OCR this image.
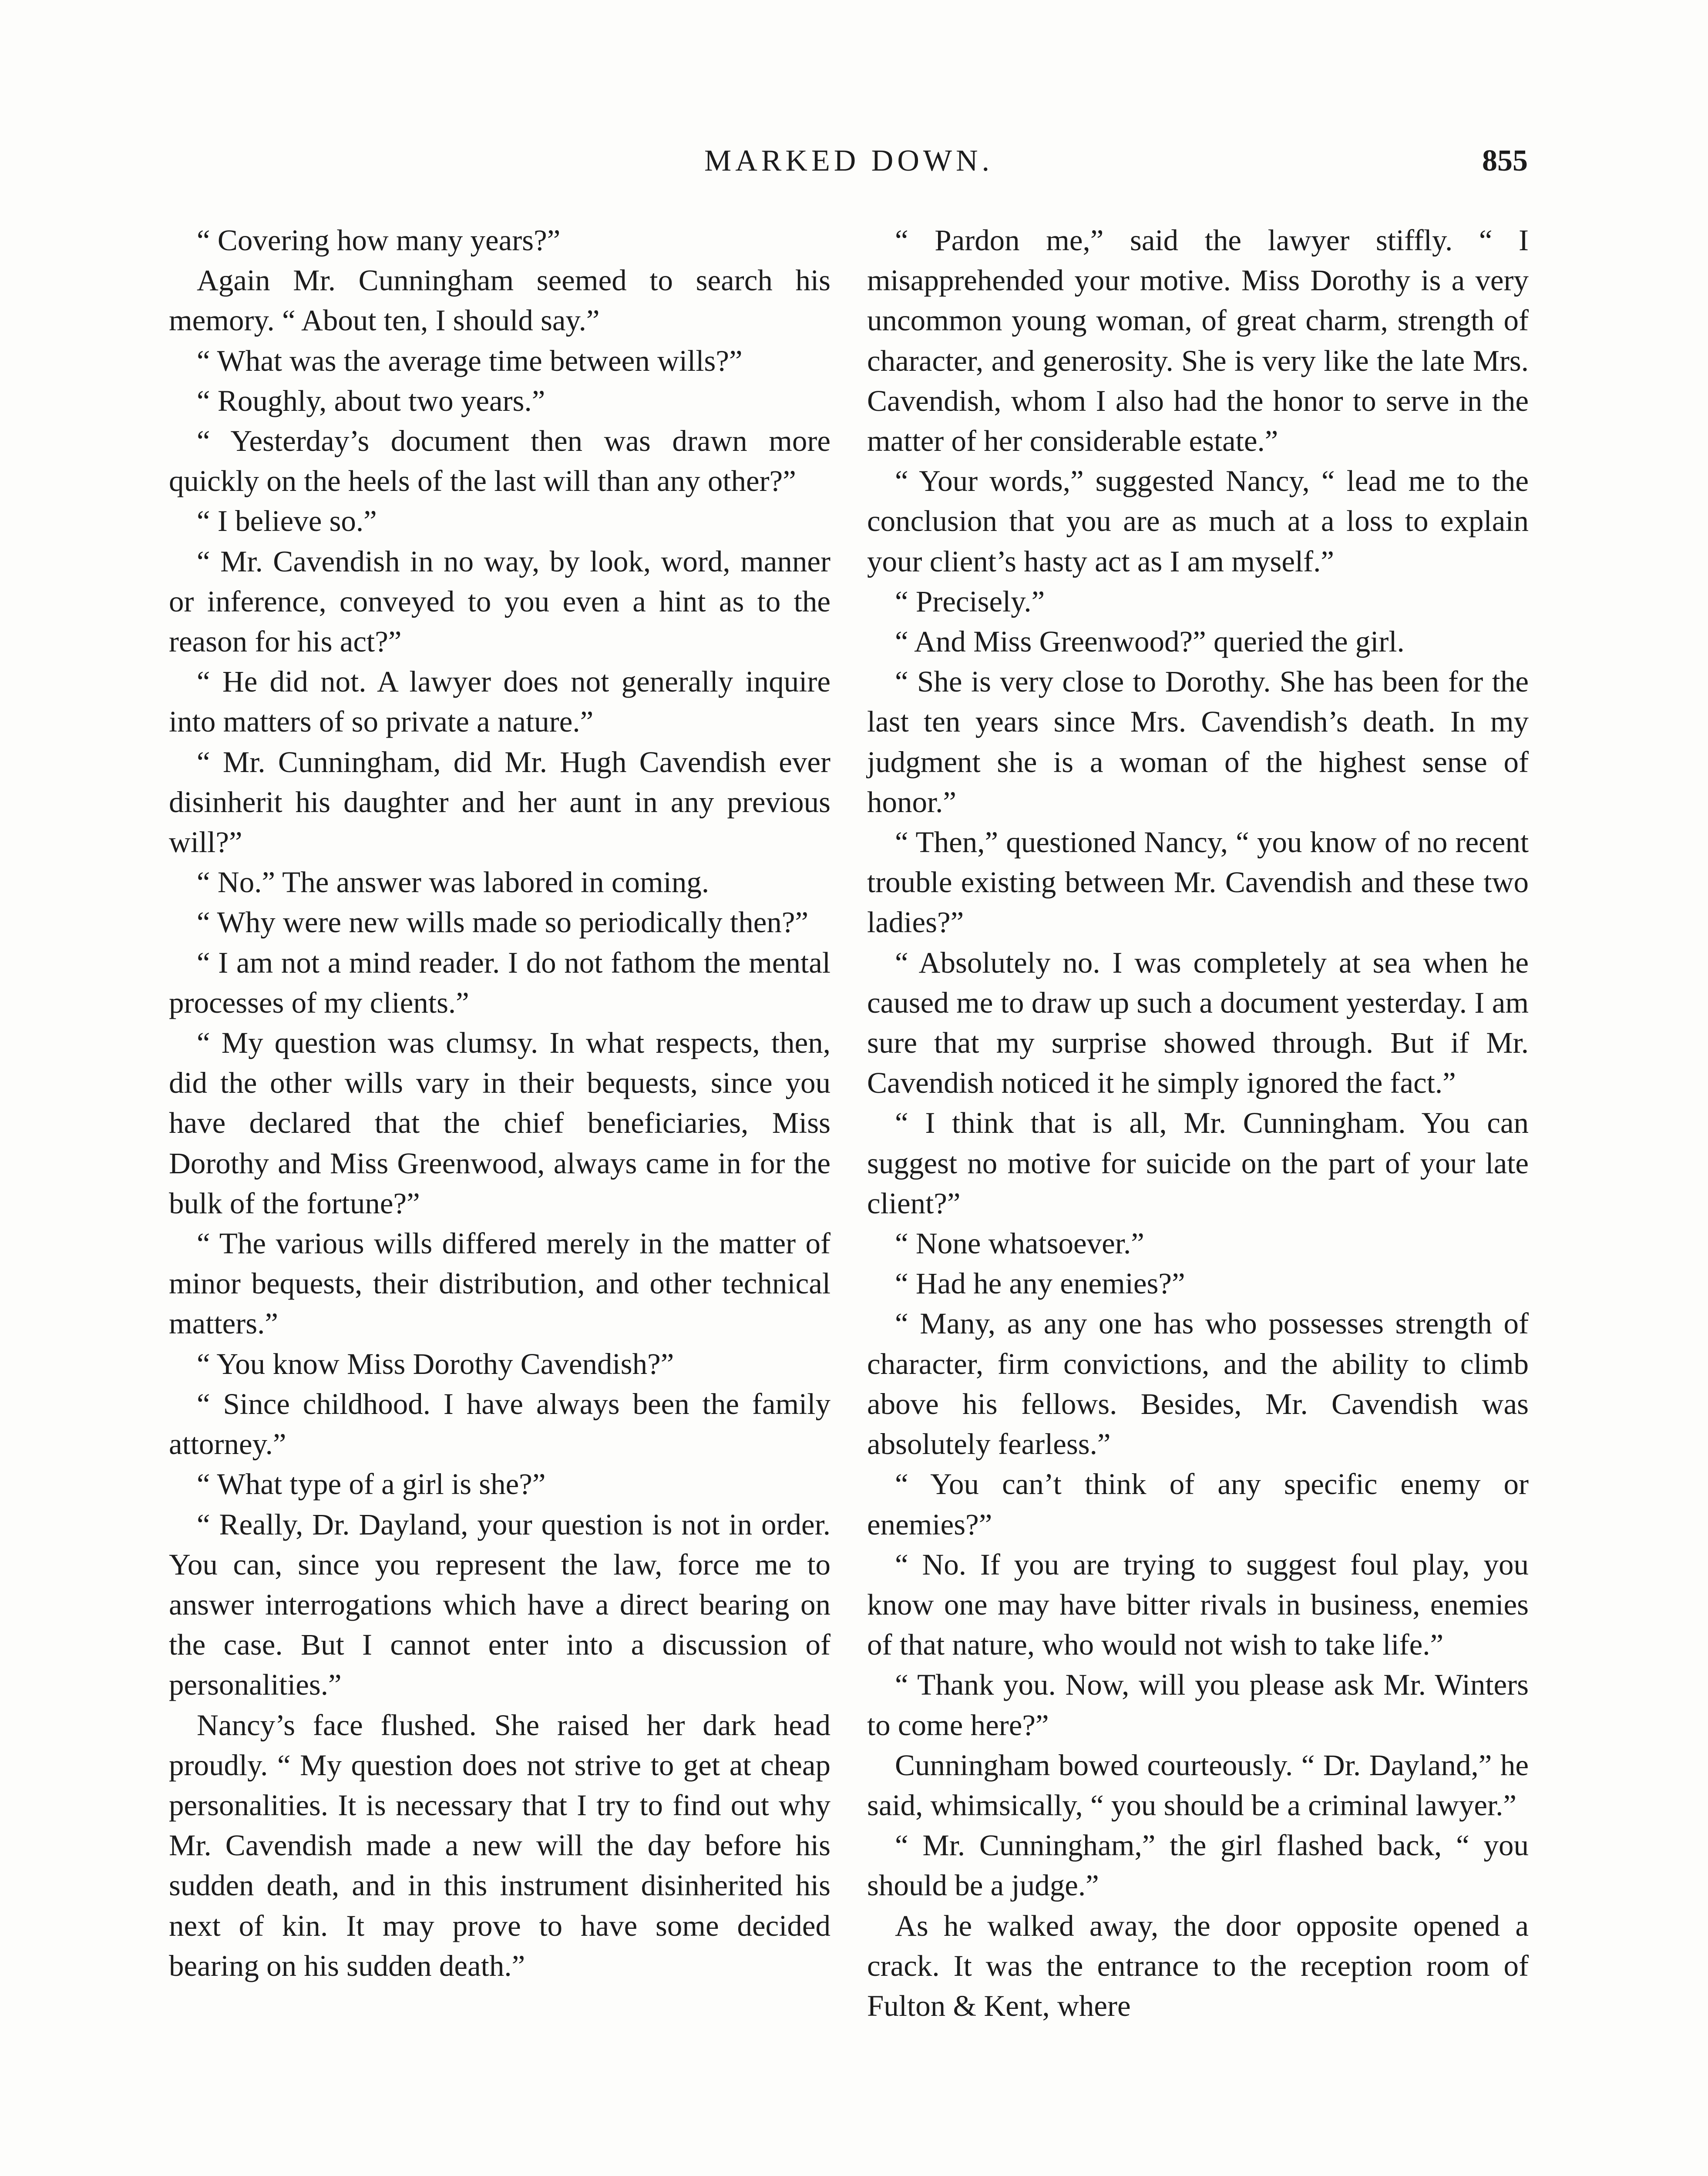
MARKED DOWN.	855

“ Covering how many years?”

Again Mr. Cunningham seemed to search his memory. “ About ten, I should say.”

“ What was the average time between wills?”

“ Roughly, about two years.”

“ Yesterday’s document then was drawn more quickly on the heels of the last will than any other?”

“ I believe so.”

“ Mr. Cavendish in no way, by look, word, manner or inference, conveyed to you even a hint as to the reason for his act?”

“ He did not. A lawyer does not generally inquire into matters of so private a nature.”

“ Mr. Cunningham, did Mr. Hugh Cavendish ever disinherit his daughter and her aunt in any previous will?”

“ No.” The answer was labored in coming.

“ Why were new wills made so periodically then?”

“ I am not a mind reader. I do not fathom the mental processes of my clients.”

“ My question was clumsy. In what respects, then, did the other wills vary in their bequests, since you have declared that the chief beneficiaries, Miss Dorothy and Miss Greenwood, always came in for the bulk of the fortune?”

“ The various wills differed merely in the matter of minor bequests, their distribution, and other technical matters.”

“ You know Miss Dorothy Cavendish?”

“ Since childhood. I have always been the family attorney.”

“ What type of a girl is she?”

“ Really, Dr. Dayland, your question is not in order. You can, since you represent the law, force me to answer interrogations which have a direct bearing on the case. But I cannot enter into a discussion of personalities.”

Nancy’s face flushed. She raised her dark head proudly. “ My question does not strive to get at cheap personalities. It is necessary that I try to find out why Mr. Cavendish made a new will the day before his sudden death, and in this instrument disinherited his next of kin. It may prove to have some decided bearing on his sudden death.”

“ Pardon me,” said the lawyer stiffly. “ I misapprehended your motive. Miss Dorothy is a very uncommon young woman, of great charm, strength of character, and generosity. She is very like the late Mrs. Cavendish, whom I also had the honor to serve in the matter of her considerable estate.”

“ Your words,” suggested Nancy, “ lead me to the conclusion that you are as much at a loss to explain your client’s hasty act as I am myself.”

“ Precisely.”

“ And Miss Greenwood?” queried the girl.

“ She is very close to Dorothy. She has been for the last ten years since Mrs. Cavendish’s death. In my judgment she is a woman of the highest sense of honor.”

“ Then,” questioned Nancy, “ you know of no recent trouble existing between Mr. Cavendish and these two ladies?”

“ Absolutely no. I was completely at sea when he caused me to draw up such a document yesterday. I am sure that my surprise showed through. But if Mr. Cavendish noticed it he simply ignored the fact.”

“ I think that is all, Mr. Cunningham. You can suggest no motive for suicide on the part of your late client?”

“ None whatsoever.”

“ Had he any enemies?”

“ Many, as any one has who possesses strength of character, firm convictions, and the ability to climb above his fellows. Besides, Mr. Cavendish was absolutely fearless.”

“ You can’t think of any specific enemy or enemies?”

“ No. If you are trying to suggest foul play, you know one may have bitter rivals in business, enemies of that nature, who would not wish to take life.”

“ Thank you. Now, will you please ask Mr. Winters to come here?”

Cunningham bowed courteously. “ Dr. Dayland,” he said, whimsically, “ you should be a criminal lawyer.”

“ Mr. Cunningham,” the girl flashed back, “ you should be a judge.”

As he walked away, the door opposite opened a crack. It was the entrance to the reception room of Fulton & Kent, where
